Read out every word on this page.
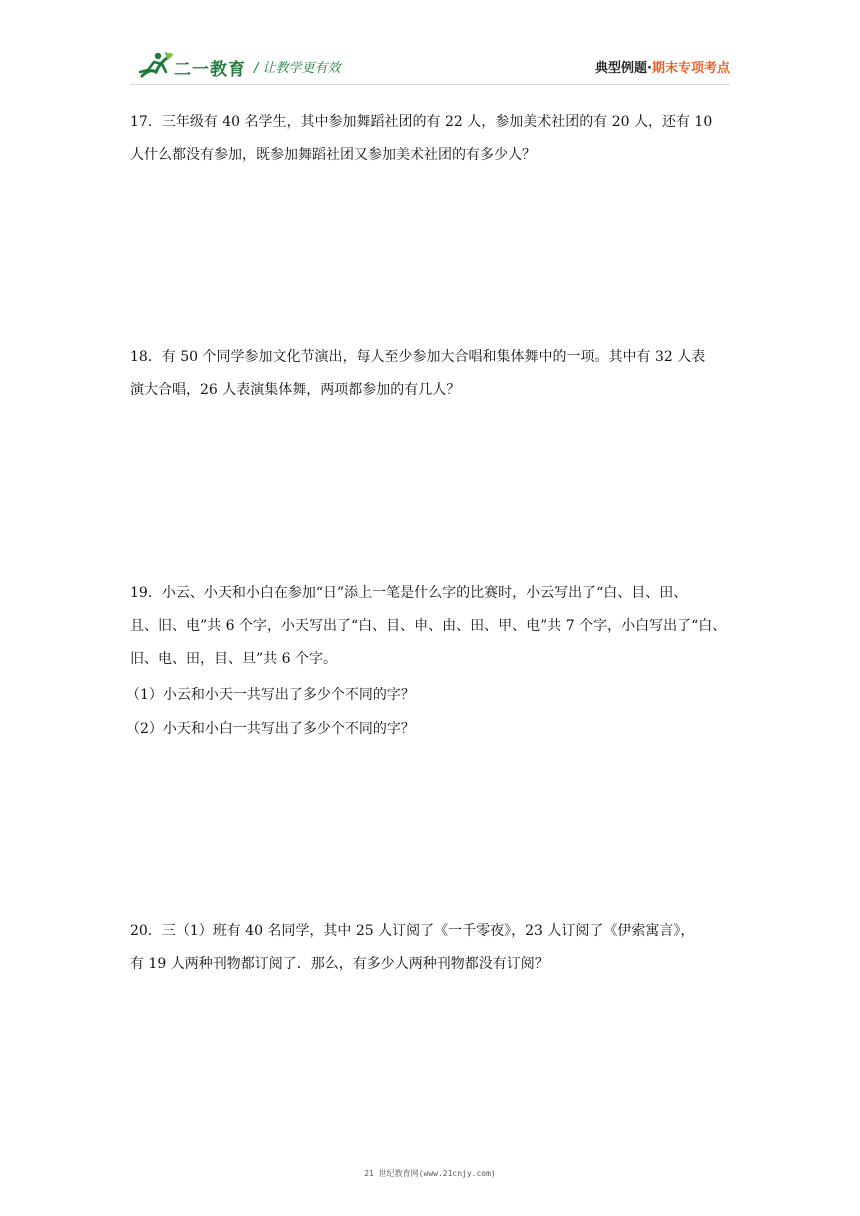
二一教育 / 让教学更有效	典型例题·期末专项考点
17．三年级有 40 名学生，其中参加舞蹈社团的有 22 人，参加美术社团的有 20 人，还有 10
人什么都没有参加，既参加舞蹈社团又参加美术社团的有多少人？
18．有 50 个同学参加文化节演出，每人至少参加大合唱和集体舞中的一项。其中有 32 人表
演大合唱，26 人表演集体舞，两项都参加的有几人？
19．小云、小天和小白在参加“日”添上一笔是什么字的比赛时，小云写出了“白、目、田、
且、旧、电”共 6 个字，小天写出了“白、目、申、由、田、甲、电”共 7 个字，小白写出了“白、
旧、电、田，目、旦”共 6 个字。
（1）小云和小天一共写出了多少个不同的字？
（2）小天和小白一共写出了多少个不同的字？
20．三（1）班有 40 名同学，其中 25 人订阅了《一千零夜》，23 人订阅了《伊索寓言》，
有 19 人两种刊物都订阅了．那么，有多少人两种刊物都没有订阅？
21 世纪教育网(www.21cnjy.com)
